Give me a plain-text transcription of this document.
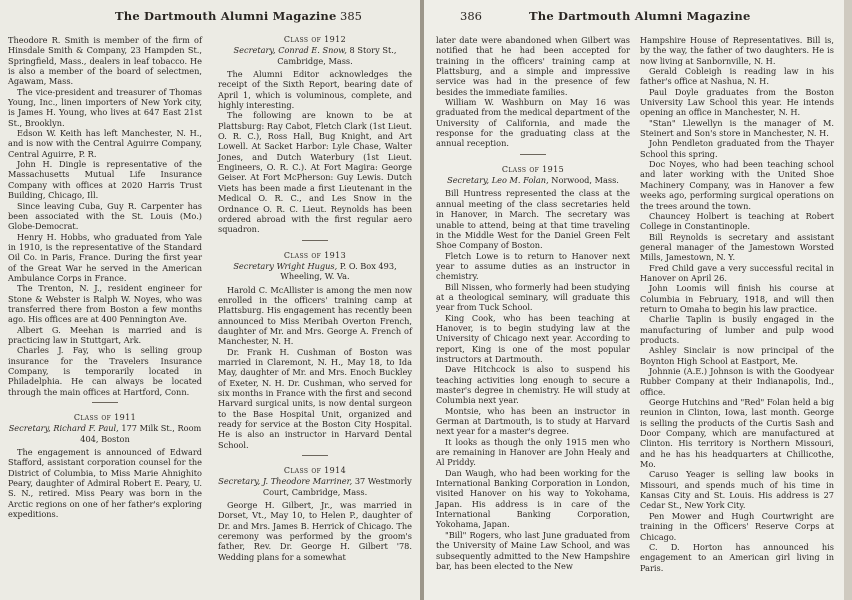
The Dartmouth Alumni Magazine 385

Theodore R. Smith is member of the firm of Hinsdale Smith & Company, 23 Hampden St., Springfield, Mass., dealers in leaf tobacco. He is also a member of the board of selectmen, Agawam, Mass.

The vice-president and treasurer of Thomas Young, Inc., linen importers of New York city, is James H. Young, who lives at 647 East 21st St., Brooklyn.

Edson W. Keith has left Manchester, N. H., and is now with the Central Aguirre Company, Central Aguirre, P. R.

John H. Dingle is representative of the Massachusetts Mutual Life Insurance Company with offices at 2020 Harris Trust Building, Chicago, Ill.

Since leaving Cuba, Guy R. Carpenter has been associated with the St. Louis (Mo.) Globe-Democrat.

Henry H. Hobbs, who graduated from Yale in 1910, is the representative of the Standard Oil Co. in Paris, France. During the first year of the Great War he served in the American Ambulance Corps in France.

The Trenton, N. J., resident engineer for Stone & Webster is Ralph W. Noyes, who was transferred there from Boston a few months ago. His offices are at 400 Pennington Ave.

Albert G. Meehan is married and is practicing law in Stuttgart, Ark.

Charles J. Fay, who is selling group insurance for the Travelers Insurance Company, is temporarily located in Philadelphia. He can always be located through the main offices at Hartford, Conn.

Class of 1911

Secretary, Richard F. Paul, 177 Milk St., Room 404, Boston

The engagement is announced of Edward Stafford, assistant corporation counsel for the District of Columbia, to Miss Marie Ahnighito Peary, daughter of Admiral Robert E. Peary, U. S. N., retired. Miss Peary was born in the Arctic regions on one of her father's exploring expeditions.

Class of 1912

Secretary, Conrad E. Snow, 8 Story St., Cambridge, Mass.

The Alumni Editor acknowledges the receipt of the Sixth Report, bearing date of April 1, which is voluminous, complete, and highly interesting.

The following are known to be at Plattsburg: Ray Cabot, Fletch Clark (1st Lieut. O. R. C.), Ross Hall, Bug Knight, and Art Lowell. At Sacket Harbor: Lyle Chase, Walter Jones, and Dutch Waterbury (1st Lieut. Engineers, O. R. C.). At Fort Magira: George Geiser. At Fort McPherson: Guy Lewis. Dutch Viets has been made a first Lieutenant in the Medical O. R. C., and Les Snow in the Ordnance O. R. C. Lieut. Reynolds has been ordered abroad with the first regular aero squadron.

Class of 1913

Secretary Wright Hugus, P. O. Box 493, Wheeling, W. Va.

Harold C. McAllister is among the men now enrolled in the officers' training camp at Plattsburg. His engagement has recently been announced to Miss Meribah Overton French, daughter of Mr. and Mrs. George A. French of Manchester, N. H.

Dr. Frank H. Cushman of Boston was married in Claremont, N. H., May 18, to Ida May, daughter of Mr. and Mrs. Enoch Buckley of Exeter, N. H. Dr. Cushman, who served for six months in France with the first and second Harvard surgical units, is now dental surgeon to the Base Hospital Unit, organized and ready for service at the Boston City Hospital. He is also an instructor in Harvard Dental School.

Class of 1914

Secretary, J. Theodore Marriner, 37 Westmorly Court, Cambridge, Mass.

George H. Gilbert, Jr., was married in Dorset, Vt., May 10, to Helen P., daughter of Dr. and Mrs. James B. Herrick of Chicago. The ceremony was performed by the groom's father, Rev. Dr. George H. Gilbert '78. Wedding plans for a somewhat

386	The Dartmouth Alumni Magazine

later date were abandoned when Gilbert was notified that he had been accepted for training in the officers' training camp at Plattsburg, and a simple and impressive service was had in the presence of few besides the immediate families.

William W. Washburn on May 16 was graduated from the medical department of the University of California, and made the response for the graduating class at the annual reception.

Class of 1915

Secretary, Leo M. Folan, Norwood, Mass.

Bill Huntress represented the class at the annual meeting of the class secretaries held in Hanover, in March. The secretary was unable to attend, being at that time traveling in the Middle West for the Daniel Green Felt Shoe Company of Boston.

Fletch Lowe is to return to Hanover next year to assume duties as an instructor in chemistry.

Bill Nissen, who formerly had been studying at a theological seminary, will graduate this year from Tuck School.

King Cook, who has been teaching at Hanover, is to begin studying law at the University of Chicago next year. According to report, King is one of the most popular instructors at Dartmouth.

Dave Hitchcock is also to suspend his teaching activities long enough to secure a master's degree in chemistry. He will study at Columbia next year.

Montsie, who has been an instructor in German at Dartmouth, is to study at Harvard next year for a master's degree.

It looks as though the only 1915 men who are remaining in Hanover are John Healy and Al Priddy.

Dan Waugh, who had been working for the International Banking Corporation in London, visited Hanover on his way to Yokohama, Japan. His address is in care of the International Banking Corporation, Yokohama, Japan.

"Bill" Rogers, who last June graduated from the University of Maine Law School, and was subsequently admitted to the New Hampshire bar, has been elected to the New

Hampshire House of Representatives. Bill is, by the way, the father of two daughters. He is now living at Sanbornville, N. H.

Gerald Cobleigh is reading law in his father's office at Nashua, N. H.

Paul Doyle graduates from the Boston University Law School this year. He intends opening an office in Manchester, N. H.

"Stan" Llewellyn is the manager of M. Steinert and Son's store in Manchester, N. H.

John Pendleton graduated from the Thayer School this spring.

Doc Noyes, who had been teaching school and later working with the United Shoe Machinery Company, was in Hanover a few weeks ago, performing surgical operations on the trees around the town.

Chauncey Holbert is teaching at Robert College in Constantinople.

Bill Reynolds is secretary and assistant general manager of the Jamestown Worsted Mills, Jamestown, N. Y.

Fred Child gave a very successful recital in Hanover on April 26.

John Loomis will finish his course at Columbia in February, 1918, and will then return to Omaha to begin his law practice.

Charlie Taplin is busily engaged in the manufacturing of lumber and pulp wood products.

Ashley Sinclair is now principal of the Boynton High School at Eastport, Me.

Johnnie (A.E.) Johnson is with the Goodyear Rubber Company at their Indianapolis, Ind., office.

George Hutchins and "Red" Folan held a big reunion in Clinton, Iowa, last month. George is selling the products of the Curtis Sash and Door Company, which are manufactured at Clinton. His territory is Northern Missouri, and he has his headquarters at Chillicothe, Mo.

Caruso Yeager is selling law books in Missouri, and spends much of his time in Kansas City and St. Louis. His address is 27 Cedar St., New York City.

Pen Mower and Hugh Courtwright are training in the Officers' Reserve Corps at Chicago.

C. D. Horton has announced his engagement to an American girl living in Paris.
